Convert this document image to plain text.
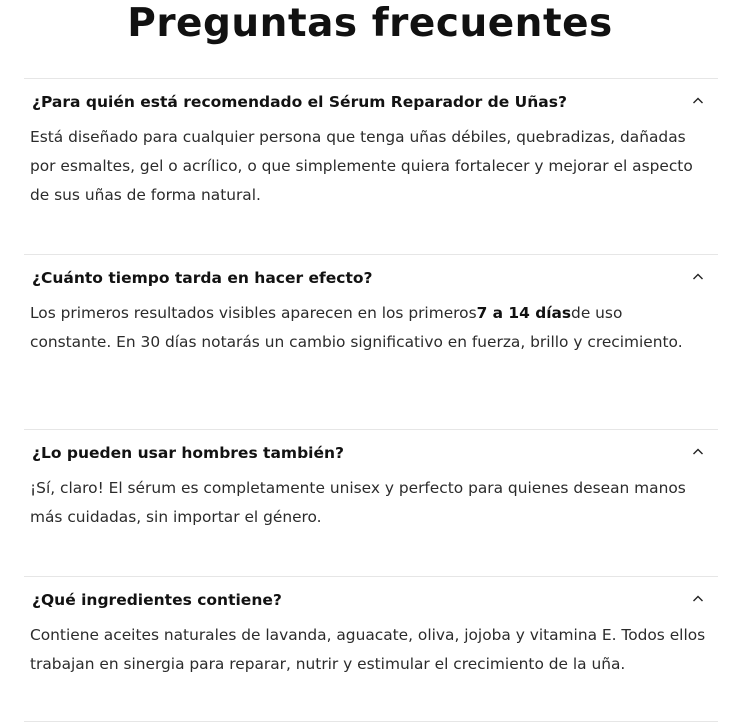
Preguntas frecuentes
¿Para quién está recomendado el Sérum Reparador de Uñas?

Está diseñado para cualquier persona que tenga uñas débiles, quebradizas, dañadas por esmaltes, gel o acrílico, o que simplemente quiera fortalecer y mejorar el aspecto de sus uñas de forma natural.

¿Cuánto tiempo tarda en hacer efecto?

Los primeros resultados visibles aparecen en los primeros7 a 14 díasde uso constante. En 30 días notarás un cambio significativo en fuerza, brillo y crecimiento.

¿Lo pueden usar hombres también?

¡Sí, claro! El sérum es completamente unisex y perfecto para quienes desean manos más cuidadas, sin importar el género.

¿Qué ingredientes contiene?

Contiene aceites naturales de lavanda, aguacate, oliva, jojoba y vitamina E. Todos ellos trabajan en sinergia para reparar, nutrir y estimular el crecimiento de la uña.
